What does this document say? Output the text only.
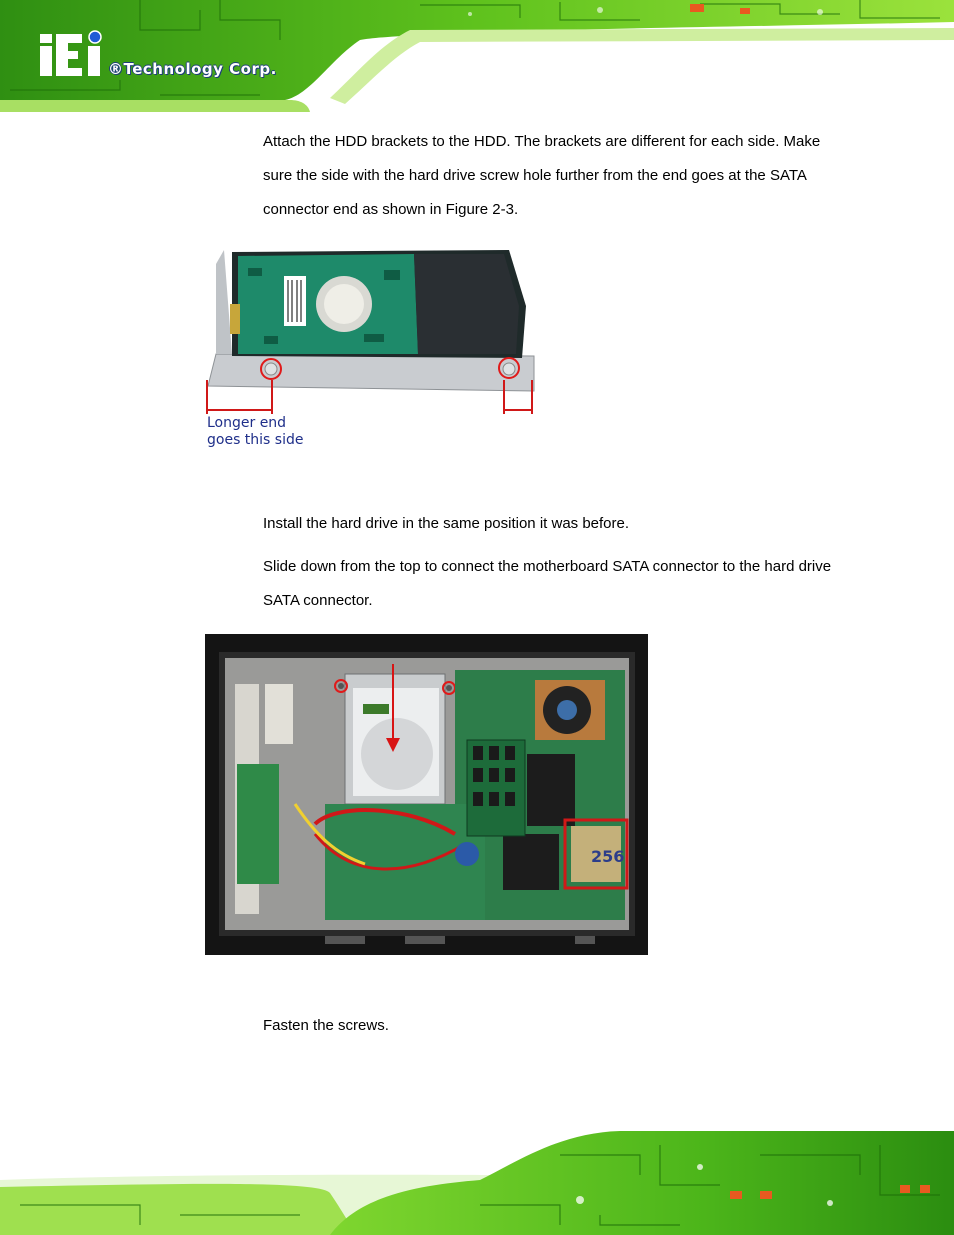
®Technology Corp.
Attach the HDD brackets to the HDD. The brackets are different for each side. Make sure the side with the hard drive screw hole further from the end goes at the SATA connector end as shown in Figure 2-3.
Longer end
goes this side
Install the hard drive in the same position it was before.
Slide down from the top to connect the motherboard SATA connector to the hard drive SATA connector.
256
Fasten the screws.
